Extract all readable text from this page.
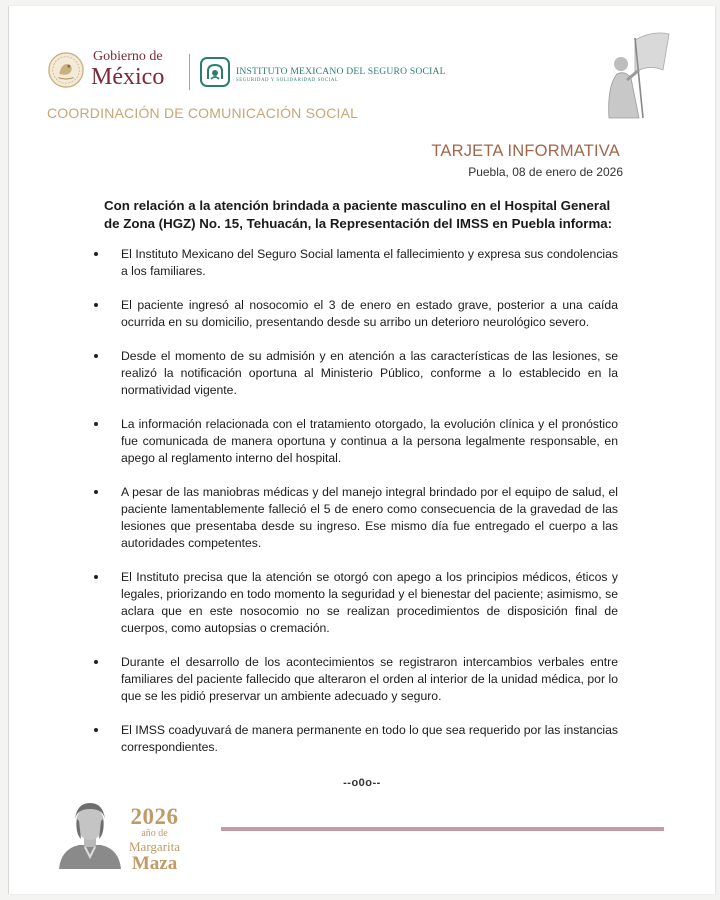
Gobierno de
México	INSTITUTO MEXICANO DEL SEGURO SOCIAL
SEGURIDAD Y SOLIDARIDAD SOCIAL
COORDINACIÓN DE COMUNICACIÓN SOCIAL
TARJETA INFORMATIVA
Puebla, 08 de enero de 2026
Con relación a la atención brindada a paciente masculino en el Hospital General de Zona (HGZ) No. 15, Tehuacán, la Representación del IMSS en Puebla informa:
El Instituto Mexicano del Seguro Social lamenta el fallecimiento y expresa sus condolencias a los familiares.
El paciente ingresó al nosocomio el 3 de enero en estado grave, posterior a una caída ocurrida en su domicilio, presentando desde su arribo un deterioro neurológico severo.
Desde el momento de su admisión y en atención a las características de las lesiones, se realizó la notificación oportuna al Ministerio Público, conforme a lo establecido en la normatividad vigente.
La información relacionada con el tratamiento otorgado, la evolución clínica y el pronóstico fue comunicada de manera oportuna y continua a la persona legalmente responsable, en apego al reglamento interno del hospital.
A pesar de las maniobras médicas y del manejo integral brindado por el equipo de salud, el paciente lamentablemente falleció el 5 de enero como consecuencia de la gravedad de las lesiones que presentaba desde su ingreso. Ese mismo día fue entregado el cuerpo a las autoridades competentes.
El Instituto precisa que la atención se otorgó con apego a los principios médicos, éticos y legales, priorizando en todo momento la seguridad y el bienestar del paciente; asimismo, se aclara que en este nosocomio no se realizan procedimientos de disposición final de cuerpos, como autopsias o cremación.
Durante el desarrollo de los acontecimientos se registraron intercambios verbales entre familiares del paciente fallecido que alteraron el orden al interior de la unidad médica, por lo que se les pidió preservar un ambiente adecuado y seguro.
El IMSS coadyuvará de manera permanente en todo lo que sea requerido por las instancias correspondientes.
--o0o--
2026
año de
Margarita
Maza
